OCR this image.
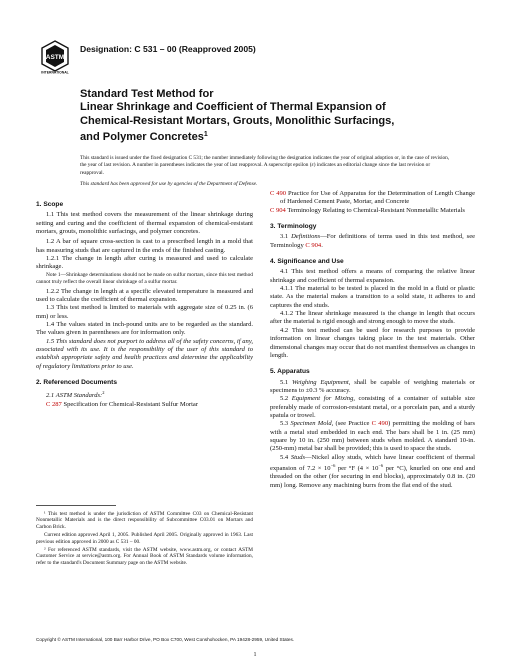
ASTM
INTERNATIONAL
Designation: C 531 – 00 (Reapproved 2005)
Standard Test Method for
Linear Shrinkage and Coefficient of Thermal Expansion of
Chemical-Resistant Mortars, Grouts, Monolithic Surfacings,
and Polymer Concretes$^1$
This standard is issued under the fixed designation C 531; the number immediately following the designation indicates the year of original adoption or, in the case of revision, the year of last revision. A number in parentheses indicates the year of last reapproval. A superscript epsilon (ε) indicates an editorial change since the last revision or reapproval.
This standard has been approved for use by agencies of the Department of Defense.
1. Scope

1.1 This test method covers the measurement of the linear shrinkage during setting and curing and the coefficient of thermal expansion of chemical-resistant mortars, grouts, monolithic surfacings, and polymer concretes.

1.2 A bar of square cross-section is cast to a prescribed length in a mold that has measuring studs that are captured in the ends of the finished casting.

1.2.1 The change in length after curing is measured and used to calculate shrinkage.

Note 1—Shrinkage determinations should not be made on sulfur mortars, since this test method cannot truly reflect the overall linear shrinkage of a sulfur mortar.

1.2.2 The change in length at a specific elevated temperature is measured and used to calculate the coefficient of thermal expansion.

1.3 This test method is limited to materials with aggregate size of 0.25 in. (6 mm) or less.

1.4 The values stated in inch-pound units are to be regarded as the standard. The values given in parentheses are for information only.

1.5 This standard does not purport to address all of the safety concerns, if any, associated with its use. It is the responsibility of the user of this standard to establish appropriate safety and health practices and determine the applicability of regulatory limitations prior to use.

2. Referenced Documents

2.1 ASTM Standards:$^2$

C 287 Specification for Chemical-Resistant Sulfur Mortar

C 490 Practice for Use of Apparatus for the Determination of Length Change of Hardened Cement Paste, Mortar, and Concrete

C 904 Terminology Relating to Chemical-Resistant Nonmetallic Materials

3. Terminology

3.1 Definitions—For definitions of terms used in this test method, see Terminology C 904.

4. Significance and Use

4.1 This test method offers a means of comparing the relative linear shrinkage and coefficient of thermal expansion.

4.1.1 The material to be tested is placed in the mold in a fluid or plastic state. As the material makes a transition to a solid state, it adheres to and captures the end studs.

4.1.2 The linear shrinkage measured is the change in length that occurs after the material is rigid enough and strong enough to move the studs.

4.2 This test method can be used for research purposes to provide information on linear changes taking place in the test materials. Other dimensional changes may occur that do not manifest themselves as changes in length.

5. Apparatus

5.1 Weighing Equipment, shall be capable of weighing materials or specimens to ±0.3 % accuracy.

5.2 Equipment for Mixing, consisting of a container of suitable size preferably made of corrosion-resistant metal, or a porcelain pan, and a sturdy spatula or trowel.

5.3 Specimen Mold, (see Practice C 490) permitting the molding of bars with a metal stud embedded in each end. The bars shall be 1 in. (25 mm) square by 10 in. (250 mm) between studs when molded. A standard 10-in. (250-mm) metal bar shall be provided; this is used to space the studs.

5.4 Studs—Nickel alloy studs, which have linear coefficient of thermal expansion of $7.2 \times 10^{-6}$ per °F ($4 \times 10^{-6}$ per °C), knurled on one end and threaded on the other (for securing in end blocks), approximately 0.8 in. (20 mm) long. Remove any machining burrs from the flat end of the stud.

¹ This test method is under the jurisdiction of ASTM Committee C03 on Chemical-Resistant Nonmetallic Materials and is the direct responsibility of Subcommittee C03.01 on Mortars and Carbon Brick.

Current edition approved April 1, 2005. Published April 2005. Originally approved in 1963. Last previous edition approved in 2000 as C 531 – 00.

² For referenced ASTM standards, visit the ASTM website, www.astm.org, or contact ASTM Customer Service at service@astm.org. For Annual Book of ASTM Standards volume information, refer to the standard's Document Summary page on the ASTM website.

Copyright © ASTM International, 100 Barr Harbor Drive, PO Box C700, West Conshohocken, PA 19428-2959, United States.
1
